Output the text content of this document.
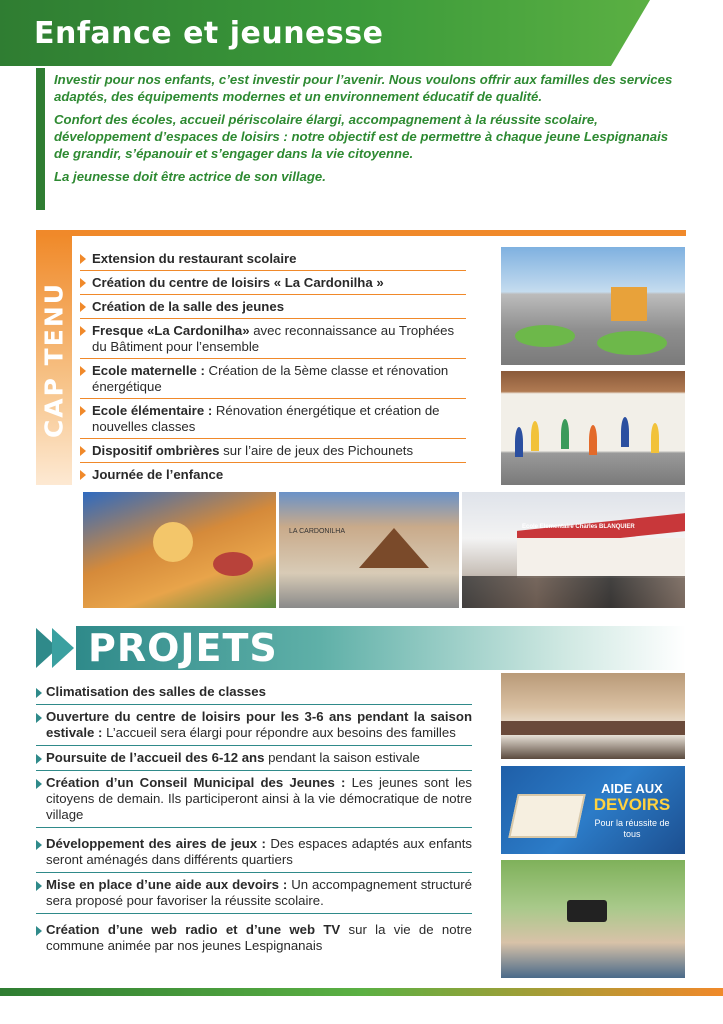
Enfance et jeunesse

Investir pour nos enfants, c’est investir pour l’avenir. Nous voulons offrir aux familles des services adaptés, des équipements modernes et un environnement éducatif de qualité.

Confort des écoles, accueil périscolaire élargi, accompagnement à la réussite scolaire, développement d’espaces de loisirs : notre objectif est de permettre à chaque jeune Lespignanais de grandir, s’épanouir et s’engager dans la vie citoyenne.

La jeunesse doit être actrice de son village.

CAP TENU
Extension du restaurant scolaire
Création du centre de loisirs « La Cardonilha »
Création de la salle des jeunes
Fresque «La Cardonilha» avec reconnaissance au Trophées du Bâtiment pour l’ensemble
Ecole maternelle : Création de la 5ème classe et rénovation énergétique
Ecole élémentaire : Rénovation énergétique et création de nouvelles classes
Dispositif ombrières sur l’aire de jeux des Pichounets
Journée de l’enfance
LA CARDONILHA
Ecole Elementaire Charles BLANQUIER
PROJETS
Climatisation des salles de classes
Ouverture du centre de loisirs pour les 3-6 ans pendant la saison estivale : L’accueil sera élargi pour répondre aux besoins des familles
Poursuite de l’accueil des 6-12 ans pendant la saison estivale
Création d’un Conseil Municipal des Jeunes : Les jeunes sont les citoyens de demain. Ils participeront ainsi à la vie démocratique de notre village
Développement des aires de jeux : Des espaces adaptés aux enfants seront aménagés dans différents quartiers
Mise en place d’une aide aux devoirs : Un accompagnement structuré sera proposé pour favoriser la réussite scolaire.
Création d’une web radio et d’une web TV sur la vie de notre commune animée par nos jeunes Lespignanais
AIDE AUX
DEVOIRS
Pour la réussite de tous
